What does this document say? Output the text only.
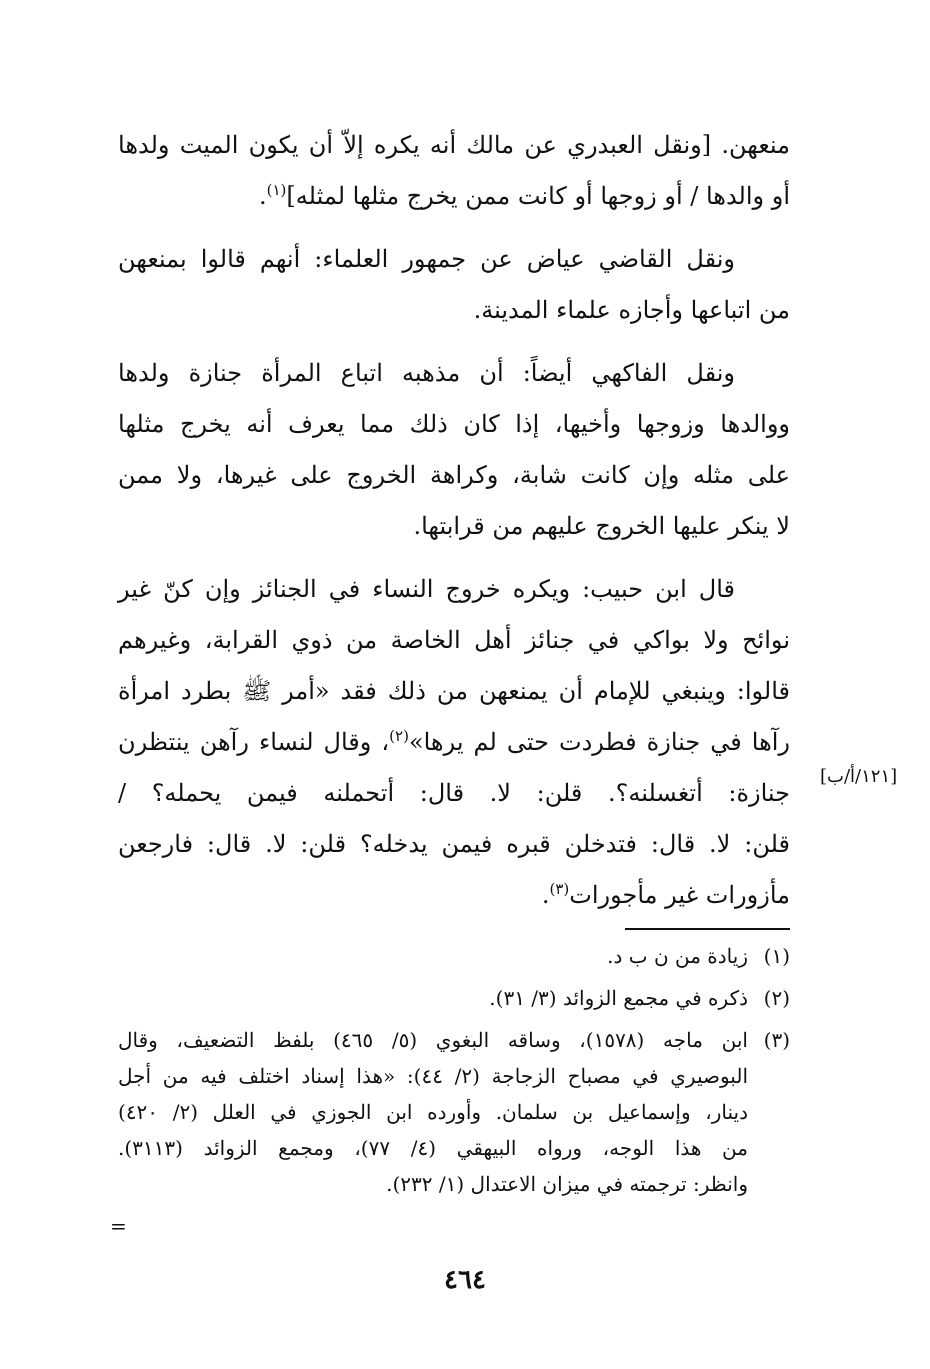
منعهن. [ونقل العبدري عن مالك أنه يكره إلاّ أن يكون الميت ولدها
أو والدها / أو زوجها أو كانت ممن يخرج مثلها لمثله]$^{(١)}$.

ونقل القاضي عياض عن جمهور العلماء: أنهم قالوا بمنعهن
من اتباعها وأجازه علماء المدينة.

ونقل الفاكهي أيضاً: أن مذهبه اتباع المرأة جنازة ولدها
ووالدها وزوجها وأخيها، إذا كان ذلك مما يعرف أنه يخرج مثلها
على مثله وإن كانت شابة، وكراهة الخروج على غيرها، ولا ممن
لا ينكر عليها الخروج عليهم من قرابتها.

قال ابن حبيب: ويكره خروج النساء في الجنائز وإن كنّ غير
نوائح ولا بواكي في جنائز أهل الخاصة من ذوي القرابة، وغيرهم
قالوا: وينبغي للإمام أن يمنعهن من ذلك فقد «أمر ﷺ بطرد امرأة
رآها في جنازة فطردت حتى لم يرها»$^{(٢)}$، وقال لنساء رآهن ينتظرن
جنازة: أتغسلنه؟. قلن: لا. قال: أتحملنه فيمن يحمله؟ /
قلن: لا. قال: فتدخلن قبره فيمن يدخله؟ قلن: لا. قال: فارجعن
مأزورات غير مأجورات$^{(٣)}$.

[١٢١/أ/ب]
(١)
زيادة من ن ب د.
(٢)
ذكره في مجمع الزوائد (٣/ ٣١).
(٣)
ابن ماجه (١٥٧٨)، وساقه البغوي (٥/ ٤٦٥) بلفظ التضعيف، وقال
البوصيري في مصباح الزجاجة (٢/ ٤٤): «هذا إسناد اختلف فيه من أجل
دينار، وإسماعيل بن سلمان. وأورده ابن الجوزي في العلل (٢/ ٤٢٠)
من هذا الوجه، ورواه البيهقي (٤/ ٧٧)، ومجمع الزوائد (٣١١٣).
وانظر: ترجمته في ميزان الاعتدال (١/ ٢٣٢).
=
٤٦٤
